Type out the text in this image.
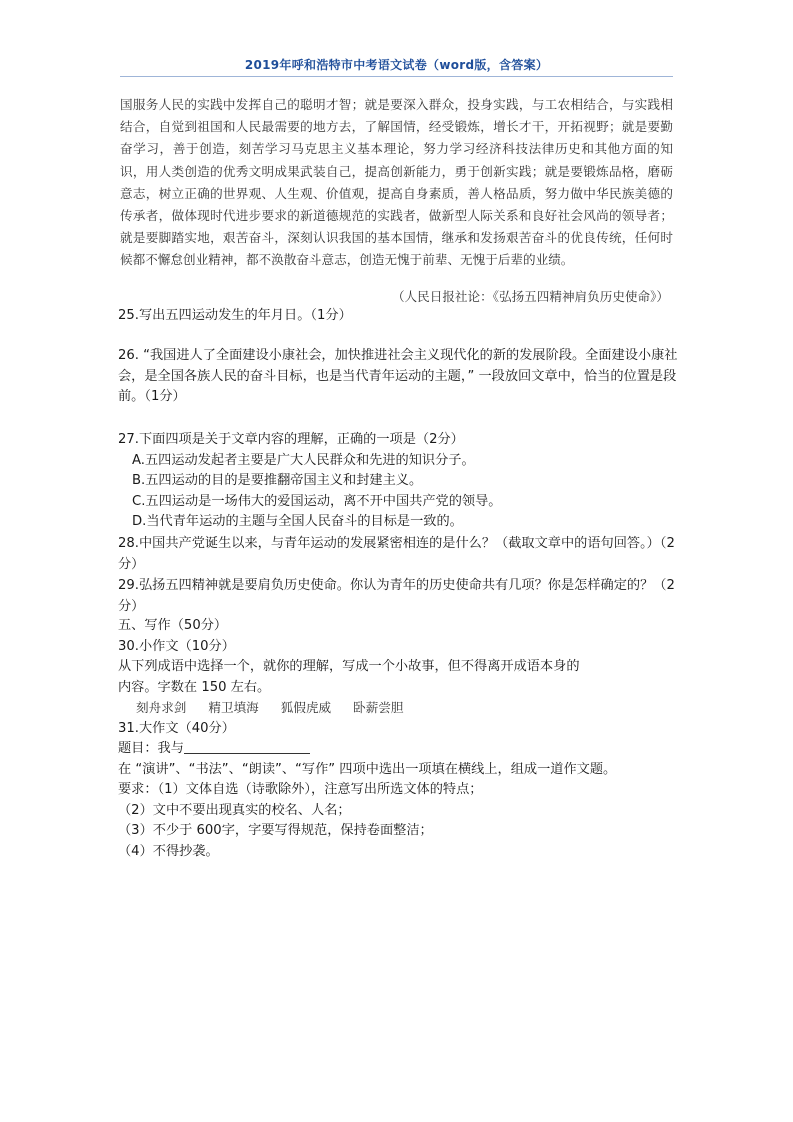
2019年呼和浩特市中考语文试卷（word版，含答案）

国服务人民的实践中发挥自己的聪明才智；就是要深入群众，投身实践，与工农相结合，与实践相结合，自觉到祖国和人民最需要的地方去，了解国情，经受锻炼，增长才干，开拓视野；就是要勤奋学习，善于创造，刻苦学习马克思主义基本理论，努力学习经济科技法律历史和其他方面的知识，用人类创造的优秀文明成果武装自己，提高创新能力，勇于创新实践；就是要锻炼品格，磨砺意志，树立正确的世界观、人生观、价值观，提高自身素质，善人格品质，努力做中华民族美德的传承者，做体现时代进步要求的新道德规范的实践者，做新型人际关系和良好社会风尚的领导者；就是要脚踏实地，艰苦奋斗，深刻认识我国的基本国情，继承和发扬艰苦奋斗的优良传统，任何时候都不懈怠创业精神，都不涣散奋斗意志，创造无愧于前辈、无愧于后辈的业绩。

（人民日报社论：《弘扬五四精神肩负历史使命》）

25.写出五四运动发生的年月日。（1分）

26. “我国进人了全面建设小康社会，加快推进社会主义现代化的新的发展阶段。全面建设小康社会，是全国各族人民的奋斗目标，也是当代青年运动的主题，” 一段放回文章中，恰当的位置是段前。（1分）

27.下面四项是关于文章内容的理解，正确的一项是（2分）

A.五四运动发起者主要是广大人民群众和先进的知识分子。

B.五四运动的目的是要推翻帝国主义和封建主义。

C.五四运动是一场伟大的爱国运动，离不开中国共产党的领导。

D.当代青年运动的主题与全国人民奋斗的目标是一致的。

28.中国共产党诞生以来，与青年运动的发展紧密相连的是什么？（截取文章中的语句回答。）（2分）

29.弘扬五四精神就是要肩负历史使命。你认为青年的历史使命共有几项？你是怎样确定的？（2分）

五、写作（50分）

30.小作文（10分）

从下列成语中选择一个，就你的理解，写成一个小故事，但不得离开成语本身的

内容。字数在 150 左右。

刻舟求剑 精卫填海 狐假虎威 卧薪尝胆

31.大作文（40分）

题目：我与

在 “演讲”、“书法”、“朗读”、“写作” 四项中选出一项填在横线上，组成一道作文题。

要求：（1）文体自选（诗歌除外），注意写出所选文体的特点；

（2）文中不要出现真实的校名、人名；

（3）不少于 600字，字要写得规范，保持卷面整洁；

（4）不得抄袭。
